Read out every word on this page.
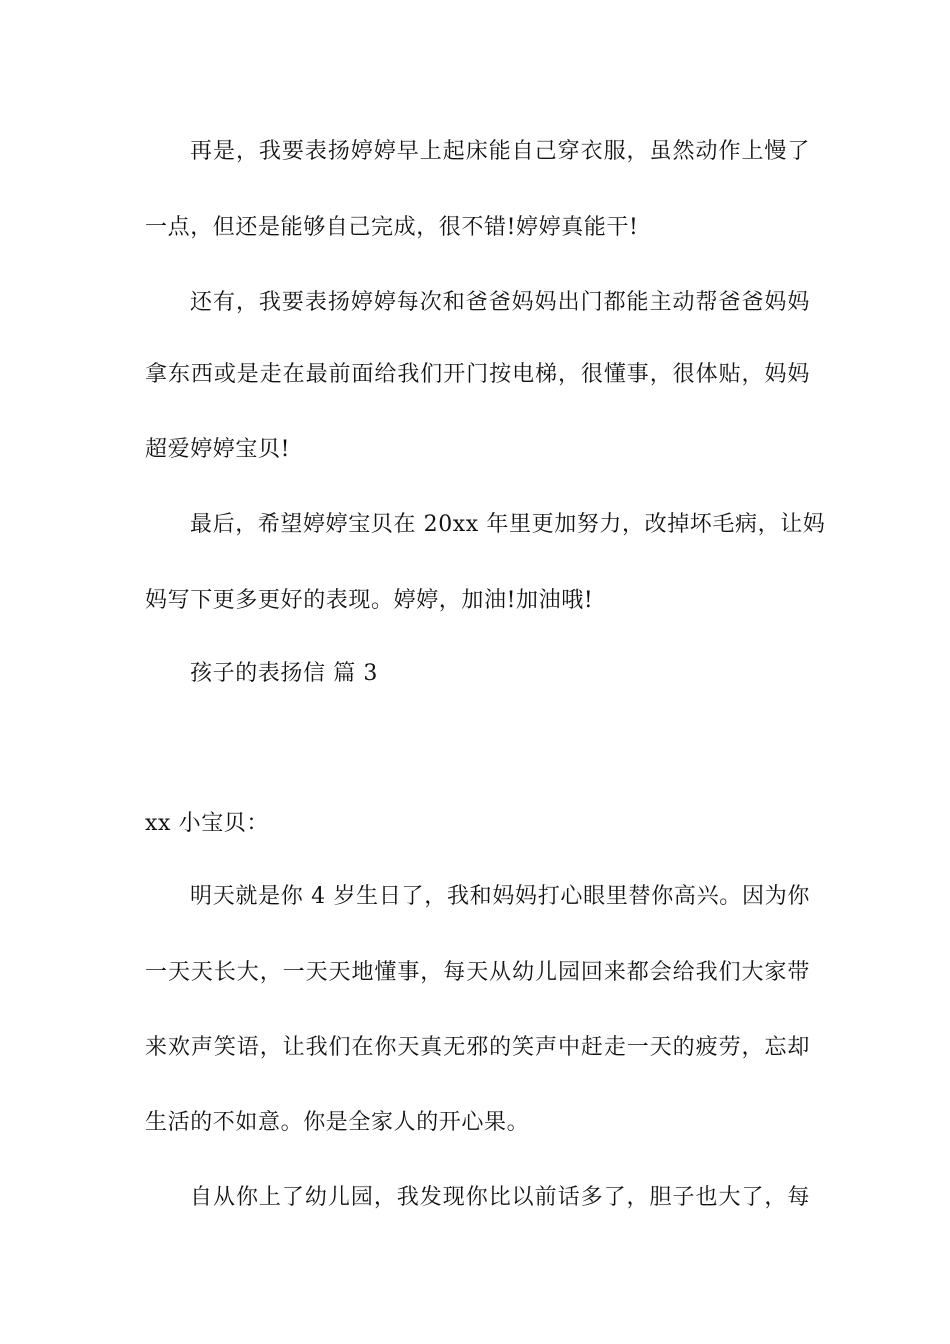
再是，我要表扬婷婷早上起床能自己穿衣服，虽然动作上慢了
一点，但还是能够自己完成，很不错!婷婷真能干!
还有，我要表扬婷婷每次和爸爸妈妈出门都能主动帮爸爸妈妈
拿东西或是走在最前面给我们开门按电梯，很懂事，很体贴，妈妈
超爱婷婷宝贝!
最后，希望婷婷宝贝在 20xx 年里更加努力，改掉坏毛病，让妈
妈写下更多更好的表现。婷婷，加油!加油哦!
孩子的表扬信 篇 3
xx 小宝贝：
明天就是你 4 岁生日了，我和妈妈打心眼里替你高兴。因为你
一天天长大，一天天地懂事，每天从幼儿园回来都会给我们大家带
来欢声笑语，让我们在你天真无邪的笑声中赶走一天的疲劳，忘却
生活的不如意。你是全家人的开心果。
自从你上了幼儿园，我发现你比以前话多了，胆子也大了，每
